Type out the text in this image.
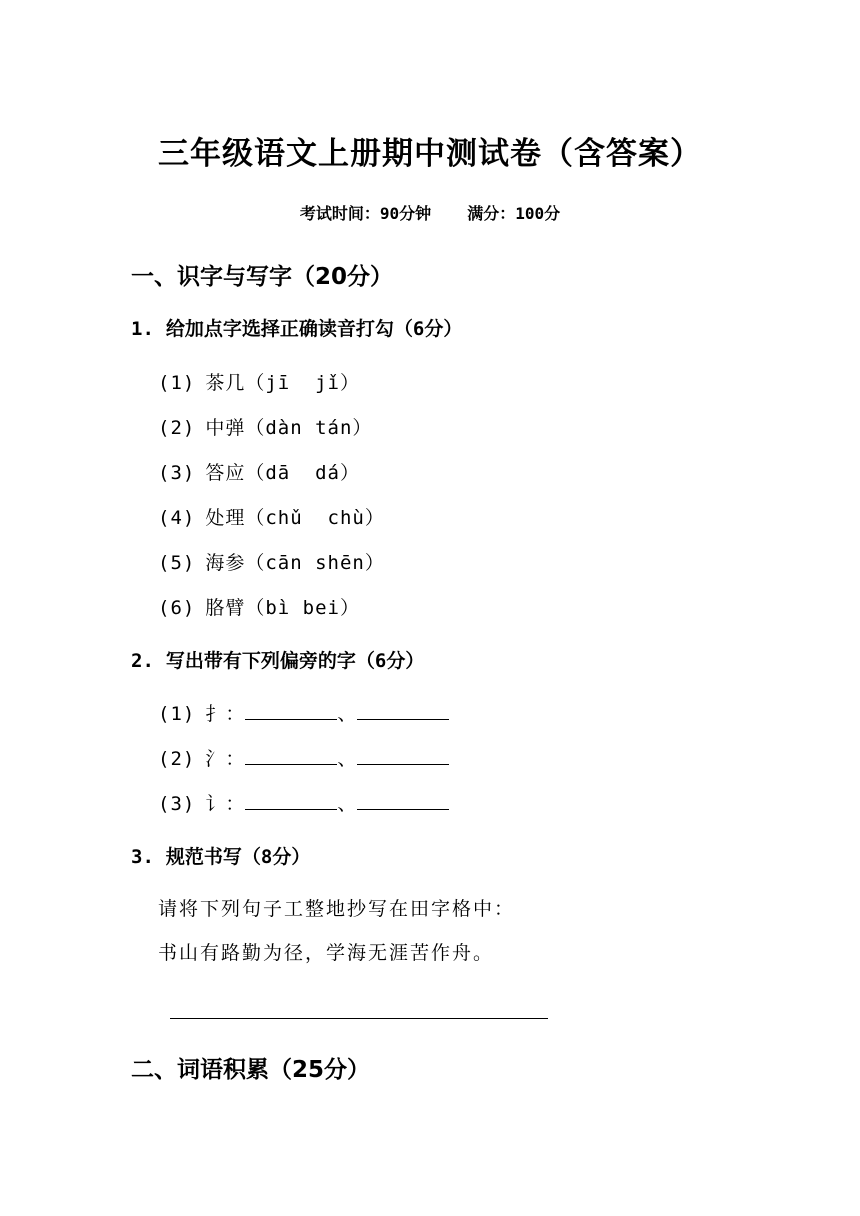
三年级语文上册期中测试卷（含答案）
考试时间：90分钟 满分：100分
一、识字与写字（20分）
1. 给加点字选择正确读音打勾（6分）
(1) 茶几（jī  jǐ）
(2) 中弹（dàn tán）
(3) 答应（dā  dá）
(4) 处理（chǔ  chù）
(5) 海参（cān shēn）
(6) 胳臂（bì bei）
2. 写出带有下列偏旁的字（6分）
(1) 扌：	、
(2) 氵：	、
(3) 讠：	、
3. 规范书写（8分）
请将下列句子工整地抄写在田字格中：
书山有路勤为径，学海无涯苦作舟。
二、词语积累（25分）
